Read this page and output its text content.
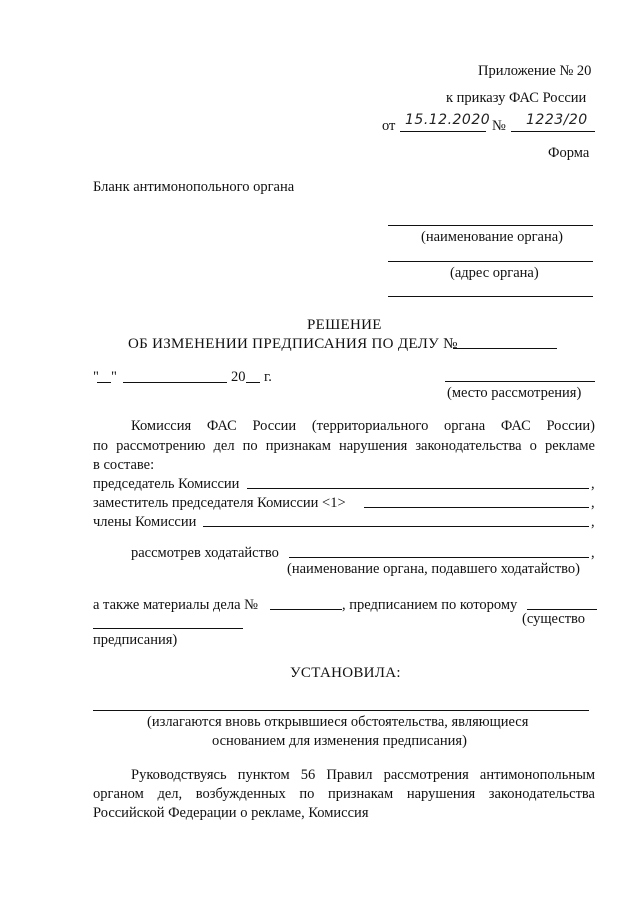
Приложение № 20
к приказу ФАС России
от 15.12.2020 № 1223/20
Форма
Бланк антимонопольного органа
(наименование органа)
(адрес органа)
РЕШЕНИЕ
ОБ ИЗМЕНЕНИИ ПРЕДПИСАНИЯ ПО ДЕЛУ №
" "	20 г.
(место рассмотрения)
Комиссия ФАС России (территориального органа ФАС России)
по рассмотрению дел по признакам нарушения законодательства о рекламе
в составе:
председатель Комиссии	,
заместитель председателя Комиссии <1>	,
члены Комиссии	,
рассмотрев ходатайство	,
(наименование органа, подавшего ходатайство)
а также материалы дела №	, предписанием по которому
(существо
предписания)
УСТАНОВИЛА:
(излагаются вновь открывшиеся обстоятельства, являющиеся
основанием для изменения предписания)
Руководствуясь пунктом 56 Правил рассмотрения антимонопольным
органом дел, возбужденных по признакам нарушения законодательства
Российской Федерации о рекламе, Комиссия
